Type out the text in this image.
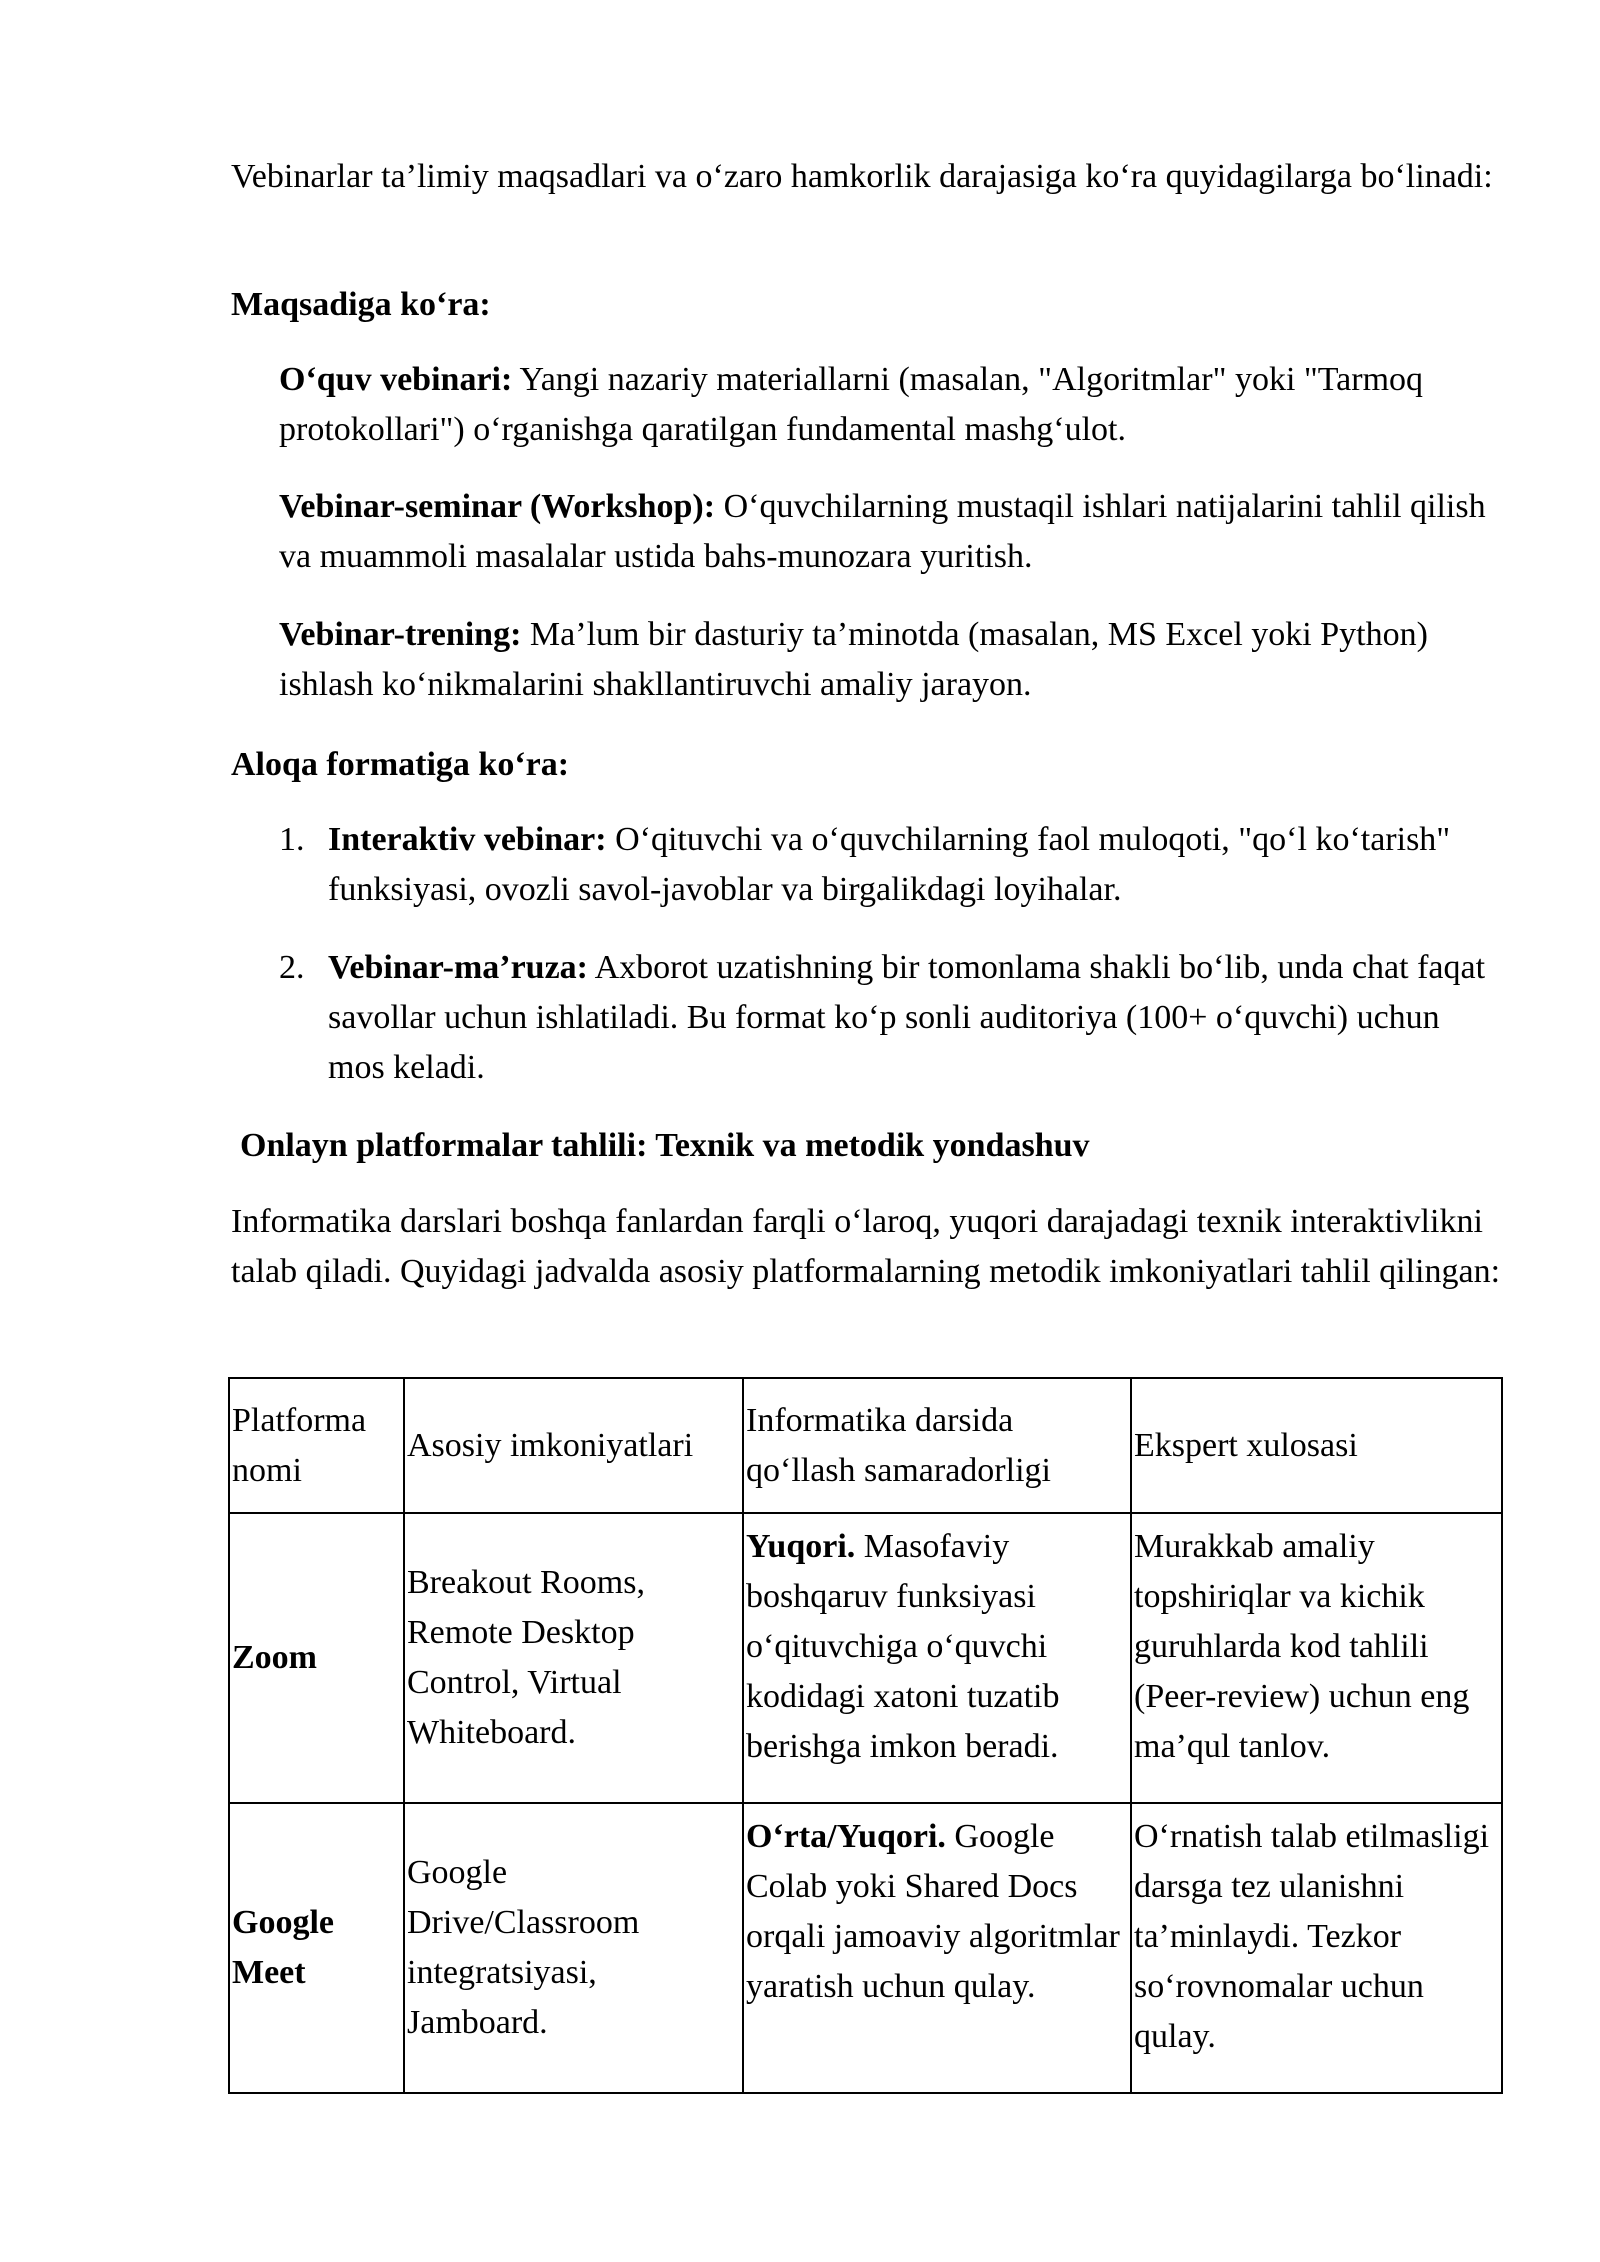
Vebinarlar ta’limiy maqsadlari va o‘zaro hamkorlik darajasiga ko‘ra quyidagilarga bo‘linadi:

Maqsadiga ko‘ra:

O‘quv vebinari: Yangi nazariy materiallarni (masalan, "Algoritmlar" yoki "Tarmoq protokollari") o‘rganishga qaratilgan fundamental mashg‘ulot.

Vebinar-seminar (Workshop): O‘quvchilarning mustaqil ishlari natijalarini tahlil qilish va muammoli masalalar ustida bahs-munozara yuritish.

Vebinar-trening: Ma’lum bir dasturiy ta’minotda (masalan, MS Excel yoki Python) ishlash ko‘nikmalarini shakllantiruvchi amaliy jarayon.

Aloqa formatiga ko‘ra:

1. Interaktiv vebinar: O‘qituvchi va o‘quvchilarning faol muloqoti, "qo‘l ko‘tarish" funksiyasi, ovozli savol-javoblar va birgalikdagi loyihalar.
2. Vebinar-ma’ruza: Axborot uzatishning bir tomonlama shakli bo‘lib, unda chat faqat savollar uchun ishlatiladi. Bu format ko‘p sonli auditoriya (100+ o‘quvchi) uchun mos keladi.

Onlayn platformalar tahlili: Texnik va metodik yondashuv

Informatika darslari boshqa fanlardan farqli o‘laroq, yuqori darajadagi texnik interaktivlikni talab qiladi. Quyidagi jadvalda asosiy platformalarning metodik imkoniyatlari tahlil qilingan:

Platforma nomi	Asosiy imkoniyatlari	Informatika darsida qo‘llash samaradorligi	Ekspert xulosasi
Zoom	Breakout Rooms, Remote Desktop Control, Virtual Whiteboard.	Yuqori. Masofaviy boshqaruv funksiyasi o‘qituvchiga o‘quvchi kodidagi xatoni tuzatib berishga imkon beradi.	Murakkab amaliy topshiriqlar va kichik guruhlarda kod tahlili (Peer-review) uchun eng ma’qul tanlov.
Google Meet	Google Drive/Classroom integratsiyasi, Jamboard.	O‘rta/Yuqori. Google Colab yoki Shared Docs orqali jamoaviy algoritmlar yaratish uchun qulay.	O‘rnatish talab etilmasligi darsga tez ulanishni ta’minlaydi. Tezkor so‘rovnomalar uchun qulay.
